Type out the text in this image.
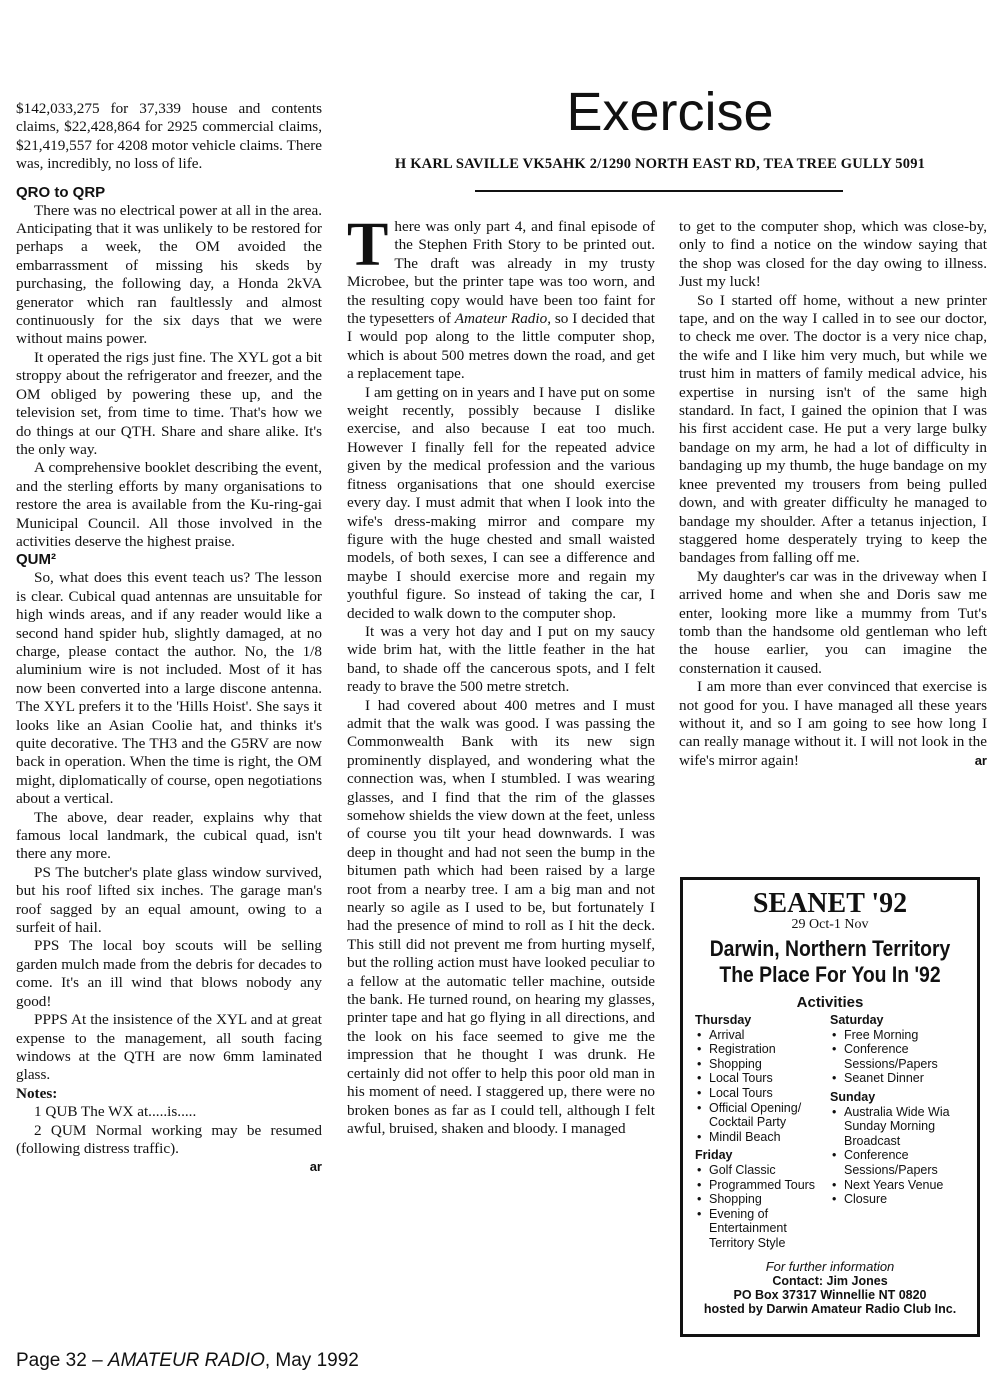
$142,033,275 for 37,339 house and contents claims, $22,428,864 for 2925 commercial claims, $21,419,557 for 4208 motor vehicle claims. There was, incredibly, no loss of life.

QRO to QRP

There was no electrical power at all in the area. Anticipating that it was unlikely to be restored for perhaps a week, the OM avoided the embarrassment of missing his skeds by purchasing, the following day, a Honda 2kVA generator which ran faultlessly and almost continuously for the six days that we were without mains power.

It operated the rigs just fine. The XYL got a bit stroppy about the refrigerator and freezer, and the OM obliged by powering these up, and the television set, from time to time. That's how we do things at our QTH. Share and share alike. It's the only way.

A comprehensive booklet describing the event, and the sterling efforts by many organisations to restore the area is available from the Ku-ring-gai Municipal Council. All those involved in the activities deserve the highest praise.

QUM²

So, what does this event teach us? The lesson is clear. Cubical quad antennas are unsuitable for high winds areas, and if any reader would like a second hand spider hub, slightly damaged, at no charge, please contact the author. No, the 1/8 aluminium wire is not included. Most of it has now been converted into a large discone antenna. The XYL prefers it to the 'Hills Hoist'. She says it looks like an Asian Coolie hat, and thinks it's quite decorative. The TH3 and the G5RV are now back in operation. When the time is right, the OM might, diplomatically of course, open negotiations about a vertical.

The above, dear reader, explains why that famous local landmark, the cubical quad, isn't there any more.

PS The butcher's plate glass window survived, but his roof lifted six inches. The garage man's roof sagged by an equal amount, owing to a surfeit of hail.

PPS The local boy scouts will be selling garden mulch made from the debris for decades to come. It's an ill wind that blows nobody any good!

PPPS At the insistence of the XYL and at great expense to the management, all south facing windows at the QTH are now 6mm laminated glass.

Notes:

1 QUB The WX at.....is.....

2 QUM Normal working may be resumed (following distress traffic).

ar
Exercise
H KARL SAVILLE VK5AHK 2/1290 NORTH EAST RD, TEA TREE GULLY 5091

There was only part 4, and final episode of the Stephen Frith Story to be printed out. The draft was already in my trusty Microbee, but the printer tape was too worn, and the resulting copy would have been too faint for the typesetters of Amateur Radio, so I decided that I would pop along to the little computer shop, which is about 500 metres down the road, and get a replacement tape.

I am getting on in years and I have put on some weight recently, possibly because I dislike exercise, and also because I eat too much. However I finally fell for the repeated advice given by the medical profession and the various fitness organisations that one should exercise every day. I must admit that when I look into the wife's dress-making mirror and compare my figure with the huge chested and small waisted models, of both sexes, I can see a difference and maybe I should exercise more and regain my youthful figure. So instead of taking the car, I decided to walk down to the computer shop.

It was a very hot day and I put on my saucy wide brim hat, with the little feather in the hat band, to shade off the cancerous spots, and I felt ready to brave the 500 metre stretch.

I had covered about 400 metres and I must admit that the walk was good. I was passing the Commonwealth Bank with its new sign prominently displayed, and wondering what the connection was, when I stumbled. I was wearing glasses, and I find that the rim of the glasses somehow shields the view down at the feet, unless of course you tilt your head downwards. I was deep in thought and had not seen the bump in the bitumen path which had been raised by a large root from a nearby tree. I am a big man and not nearly so agile as I used to be, but fortunately I had the presence of mind to roll as I hit the deck. This still did not prevent me from hurting myself, but the rolling action must have looked peculiar to a fellow at the automatic teller machine, outside the bank. He turned round, on hearing my glasses, printer tape and hat go flying in all directions, and the look on his face seemed to give me the impression that he thought I was drunk. He certainly did not offer to help this poor old man in his moment of need. I staggered up, there were no broken bones as far as I could tell, although I felt awful, bruised, shaken and bloody. I managed

to get to the computer shop, which was close-by, only to find a notice on the window saying that the shop was closed for the day owing to illness. Just my luck!

So I started off home, without a new printer tape, and on the way I called in to see our doctor, to check me over. The doctor is a very nice chap, the wife and I like him very much, but while we trust him in matters of family medical advice, his expertise in nursing isn't of the same high standard. In fact, I gained the opinion that I was his first accident case. He put a very large bulky bandage on my arm, he had a lot of difficulty in bandaging up my thumb, the huge bandage on my knee prevented my trousers from being pulled down, and with greater difficulty he managed to bandage my shoulder. After a tetanus injection, I staggered home desperately trying to keep the bandages from falling off me.

My daughter's car was in the driveway when I arrived home and when she and Doris saw me enter, looking more like a mummy from Tut's tomb than the handsome old gentleman who left the house earlier, you can imagine the consternation it caused.

I am more than ever convinced that exercise is not good for you. I have managed all these years without it, and so I am going to see how long I can really manage without it. I will not look in the wife's mirror again!	ar

SEANET '92
29 Oct-1 Nov
Darwin, Northern Territory
The Place For You In '92
Activities
Thursday
• Arrival
• Registration
• Shopping
• Local Tours
• Local Tours
• Official Opening/ Cocktail Party
• Mindil Beach
Friday
• Golf Classic
• Programmed Tours
• Shopping
• Evening of Entertainment Territory Style
Saturday
• Free Morning
• Conference Sessions/Papers
• Seanet Dinner
Sunday
• Australia Wide Wia Sunday Morning Broadcast
• Conference Sessions/Papers
• Next Years Venue
• Closure
For further information
Contact: Jim Jones
PO Box 37317 Winnellie NT 0820
hosted by Darwin Amateur Radio Club Inc.
Page 32 – AMATEUR RADIO, May 1992
